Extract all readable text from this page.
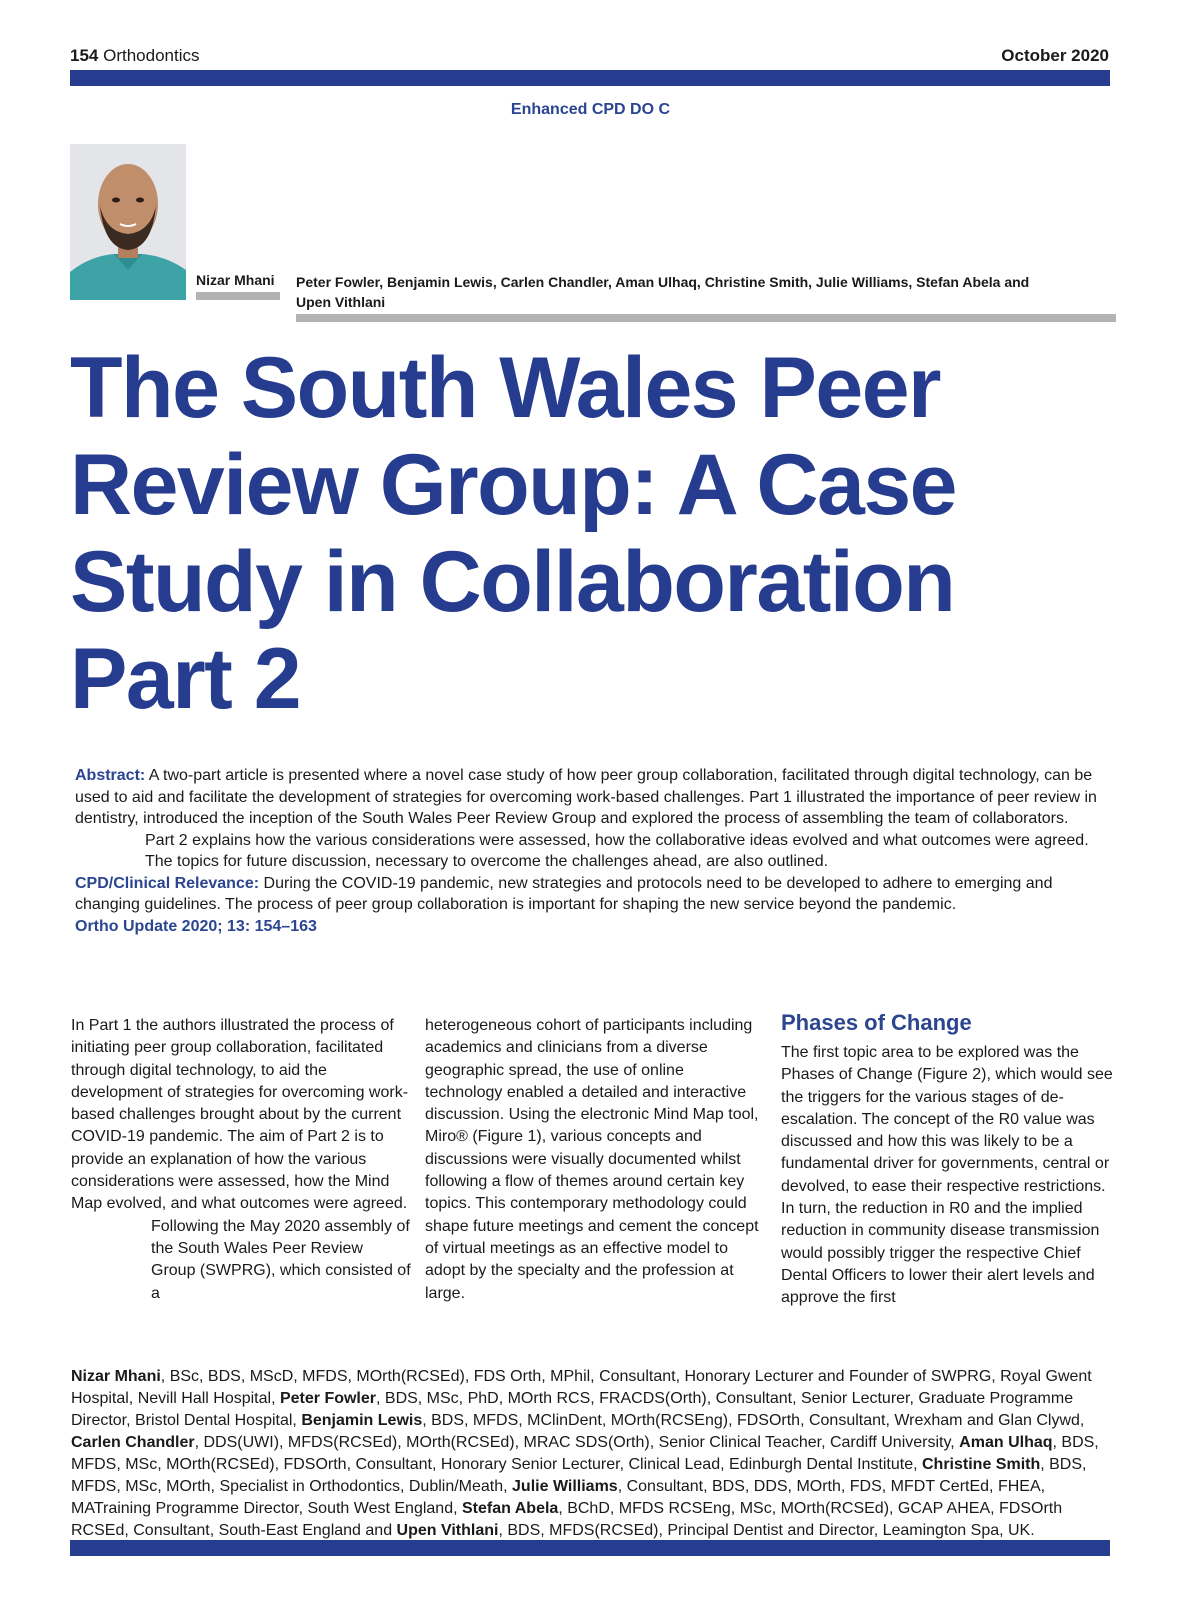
154 Orthodontics	October 2020
Enhanced CPD DO C
Nizar Mhani Peter Fowler, Benjamin Lewis, Carlen Chandler, Aman Ulhaq, Christine Smith, Julie Williams, Stefan Abela and Upen Vithlani
The South Wales Peer
Review Group: A Case
Study in Collaboration
Part 2

Abstract: A two-part article is presented where a novel case study of how peer group collaboration, facilitated through digital technology, can be used to aid and facilitate the development of strategies for overcoming work-based challenges. Part 1 illustrated the importance of peer review in dentistry, introduced the inception of the South Wales Peer Review Group and explored the process of assembling the team of collaborators.

Part 2 explains how the various considerations were assessed, how the collaborative ideas evolved and what outcomes were agreed. The topics for future discussion, necessary to overcome the challenges ahead, are also outlined.

CPD/Clinical Relevance: During the COVID-19 pandemic, new strategies and protocols need to be developed to adhere to emerging and changing guidelines. The process of peer group collaboration is important for shaping the new service beyond the pandemic.

Ortho Update 2020; 13: 154–163

In Part 1 the authors illustrated the process of initiating peer group collaboration, facilitated through digital technology, to aid the development of strategies for overcoming work-based challenges brought about by the current COVID-19 pandemic. The aim of Part 2 is to provide an explanation of how the various considerations were assessed, how the Mind Map evolved, and what outcomes were agreed.

Following the May 2020 assembly of the South Wales Peer Review Group (SWPRG), which consisted of a

heterogeneous cohort of participants including academics and clinicians from a diverse geographic spread, the use of online technology enabled a detailed and interactive discussion. Using the electronic Mind Map tool, Miro® (Figure 1), various concepts and discussions were visually documented whilst following a flow of themes around certain key topics. This contemporary methodology could shape future meetings and cement the concept of virtual meetings as an effective model to adopt by the specialty and the profession at large.

Phases of Change

The first topic area to be explored was the Phases of Change (Figure 2), which would see the triggers for the various stages of de-escalation. The concept of the R0 value was discussed and how this was likely to be a fundamental driver for governments, central or devolved, to ease their respective restrictions. In turn, the reduction in R0 and the implied reduction in community disease transmission would possibly trigger the respective Chief Dental Officers to lower their alert levels and approve the first

Nizar Mhani, BSc, BDS, MScD, MFDS, MOrth(RCSEd), FDS Orth, MPhil, Consultant, Honorary Lecturer and Founder of SWPRG, Royal Gwent Hospital, Nevill Hall Hospital, Peter Fowler, BDS, MSc, PhD, MOrth RCS, FRACDS(Orth), Consultant, Senior Lecturer, Graduate Programme Director, Bristol Dental Hospital, Benjamin Lewis, BDS, MFDS, MClinDent, MOrth(RCSEng), FDSOrth, Consultant, Wrexham and Glan Clywd, Carlen Chandler, DDS(UWI), MFDS(RCSEd), MOrth(RCSEd), MRAC SDS(Orth), Senior Clinical Teacher, Cardiff University, Aman Ulhaq, BDS, MFDS, MSc, MOrth(RCSEd), FDSOrth, Consultant, Honorary Senior Lecturer, Clinical Lead, Edinburgh Dental Institute, Christine Smith, BDS, MFDS, MSc, MOrth, Specialist in Orthodontics, Dublin/Meath, Julie Williams, Consultant, BDS, DDS, MOrth, FDS, MFDT CertEd, FHEA, MATraining Programme Director, South West England, Stefan Abela, BChD, MFDS RCSEng, MSc, MOrth(RCSEd), GCAP AHEA, FDSOrth RCSEd, Consultant, South-East England and Upen Vithlani, BDS, MFDS(RCSEd), Principal Dentist and Director, Leamington Spa, UK.
